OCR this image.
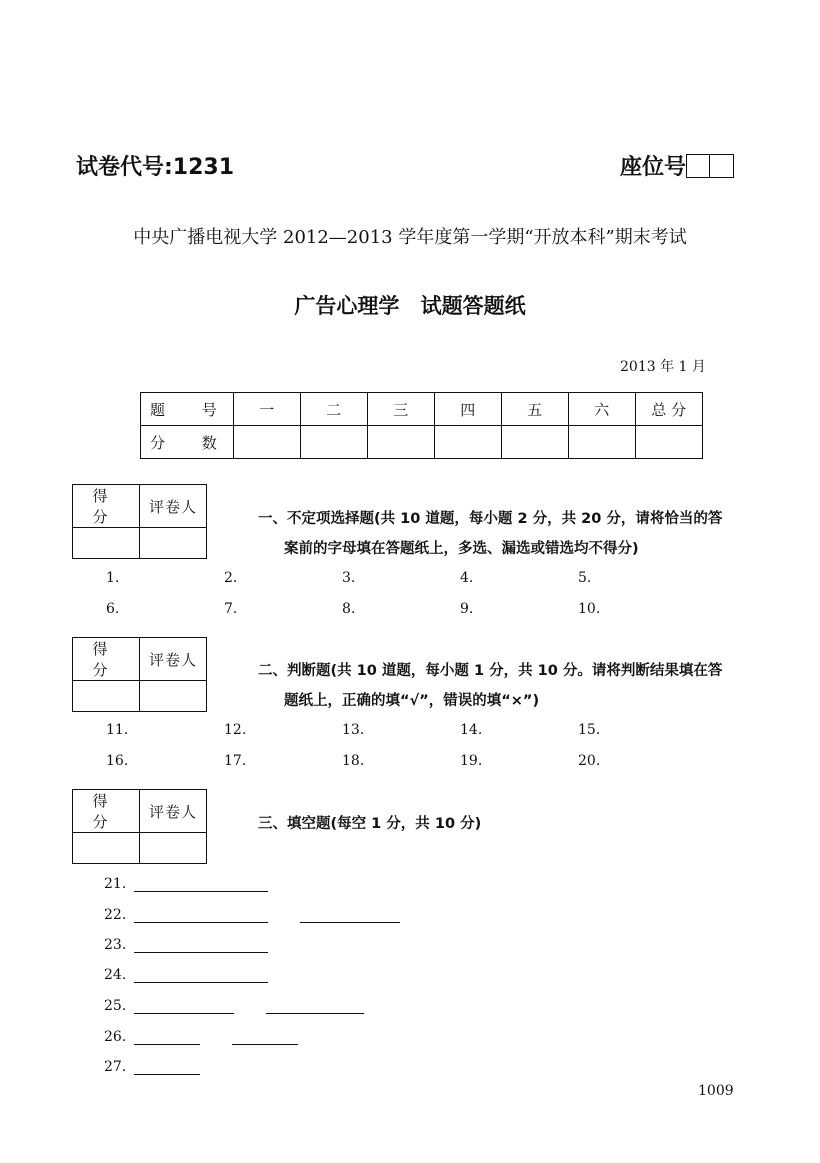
试卷代号:1231	座位号
中央广播电视大学 2012—2013 学年度第一学期“开放本科”期末考试
广告心理学 试题答题纸
2013 年 1 月
题 号	一	二	三	四	五	六	总 分
分 数							
得 分	评卷人

一、不定项选择题(共 10 道题，每小题 2 分，共 20 分，请将恰当的答
案前的字母填在答题纸上，多选、漏选或错选均不得分)
1.	2.	3.	4.	5.
6.	7.	8.	9.	10.
得 分	评卷人

二、判断题(共 10 道题，每小题 1 分，共 10 分。请将判断结果填在答
题纸上，正确的填“√”，错误的填“×”)
11.	12.	13.	14.	15.
16.	17.	18.	19.	20.
得 分	评卷人

三、填空题(每空 1 分，共 10 分)
21.
22.
23.
24.
25.
26.
27.
1009
